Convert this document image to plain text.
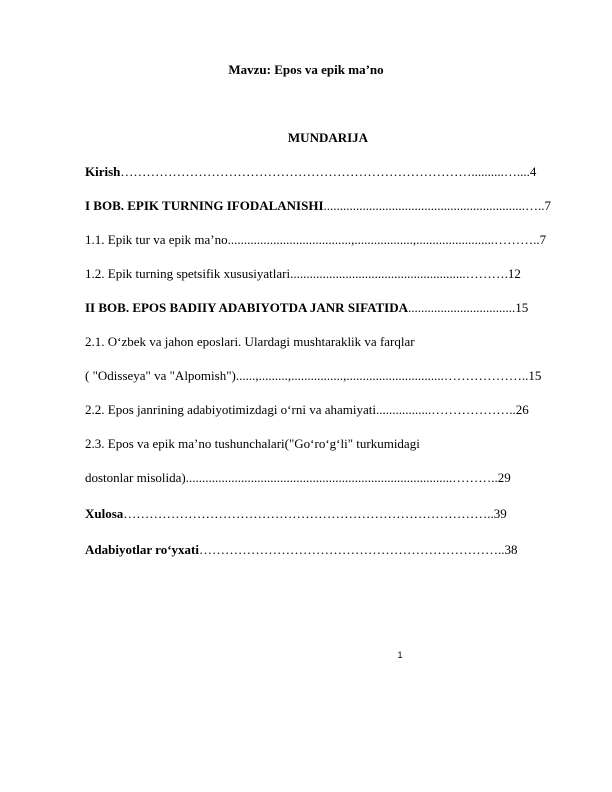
Mavzu: Epos va epik ma’no
MUNDARIJA
Kirish………………………………………………………………………..........…....4
I BOB. EPIK TURNING IFODALANISHI..............................................................…..7
1.1. Epik tur va epik ma’no......................................,..................,........................………..7
1.2. Epik turning spetsifik xususiyatlari......................................................……….12
II BOB. EPOS BADIIY ADABIYOTDA JANR SIFATIDA.................................15
2.1. O‘zbek va jahon eposlari. Ulardagi mushtaraklik va farqlar
( "Odisseya" va "Alpomish")......,.........,................,..............................………………..15
2.2. Epos janrining adabiyotimizdagi o‘rni va ahamiyati.................………………..26
2.3. Epos va epik ma’no tushunchalari("Go‘ro‘g‘li" turkumidagi
dostonlar misolida)..................................................................................………..29
Xulosa…………………………………………………………………………..39
Adabiyotlar ro‘yxati……………………………………………………………..38
1
